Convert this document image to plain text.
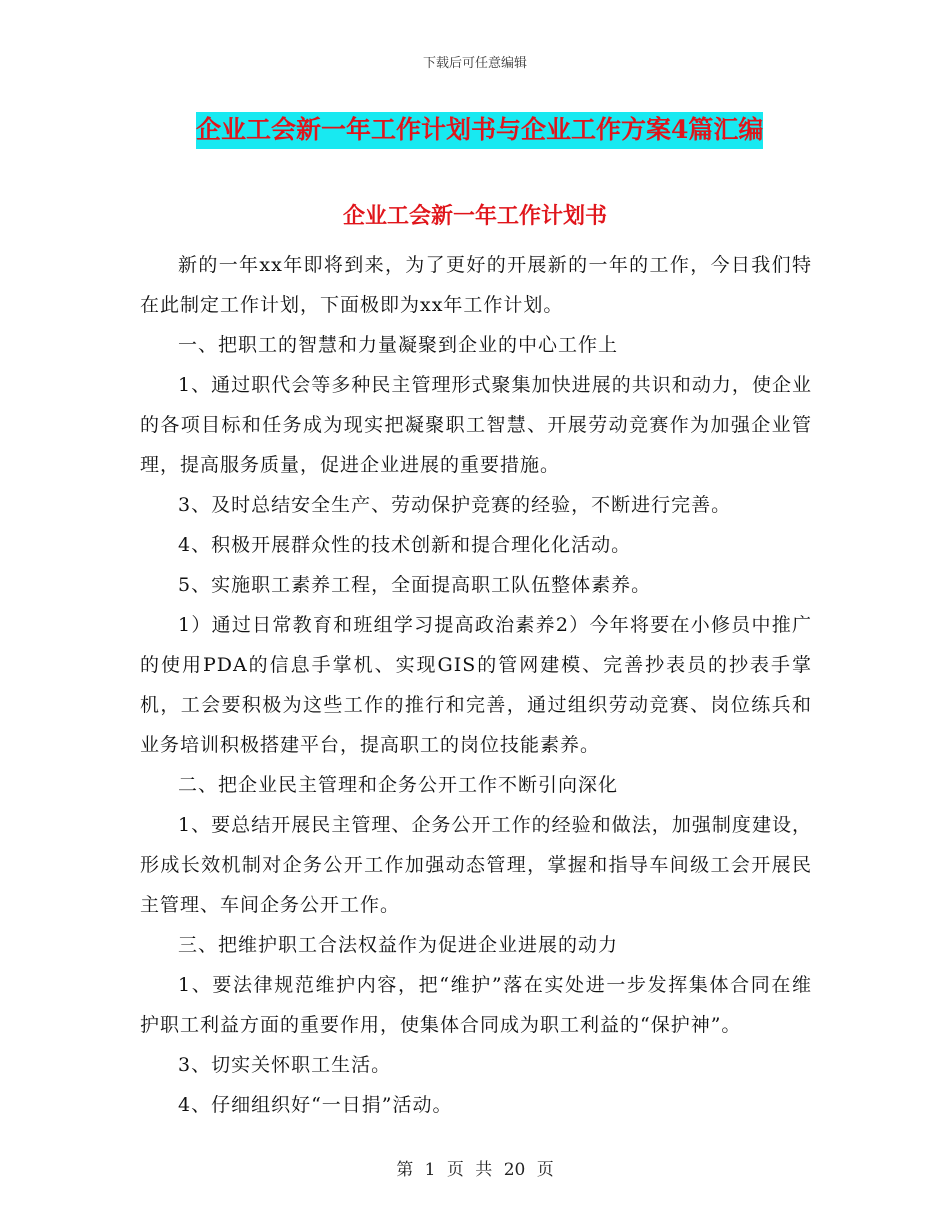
下载后可任意编辑
企业工会新一年工作计划书与企业工作方案4篇汇编
企业工会新一年工作计划书

新的一年xx年即将到来，为了更好的开展新的一年的工作，今日我们特在此制定工作计划，下面极即为xx年工作计划。

一、把职工的智慧和力量凝聚到企业的中心工作上

1、通过职代会等多种民主管理形式聚集加快进展的共识和动力，使企业的各项目标和任务成为现实把凝聚职工智慧、开展劳动竞赛作为加强企业管理，提高服务质量，促进企业进展的重要措施。

3、及时总结安全生产、劳动保护竞赛的经验，不断进行完善。

4、积极开展群众性的技术创新和提合理化化活动。

5、实施职工素养工程，全面提高职工队伍整体素养。

1）通过日常教育和班组学习提高政治素养2）今年将要在小修员中推广的使用PDA的信息手掌机、实现GIS的管网建模、完善抄表员的抄表手掌机，工会要积极为这些工作的推行和完善，通过组织劳动竞赛、岗位练兵和业务培训积极搭建平台，提高职工的岗位技能素养。

二、把企业民主管理和企务公开工作不断引向深化

1、要总结开展民主管理、企务公开工作的经验和做法，加强制度建设，形成长效机制对企务公开工作加强动态管理，掌握和指导车间级工会开展民主管理、车间企务公开工作。

三、把维护职工合法权益作为促进企业进展的动力

1、要法律规范维护内容，把“维护”落在实处进一步发挥集体合同在维护职工利益方面的重要作用，使集体合同成为职工利益的“保护神”。

3、切实关怀职工生活。

4、仔细组织好“一日捐”活动。

第 1 页 共 20 页
